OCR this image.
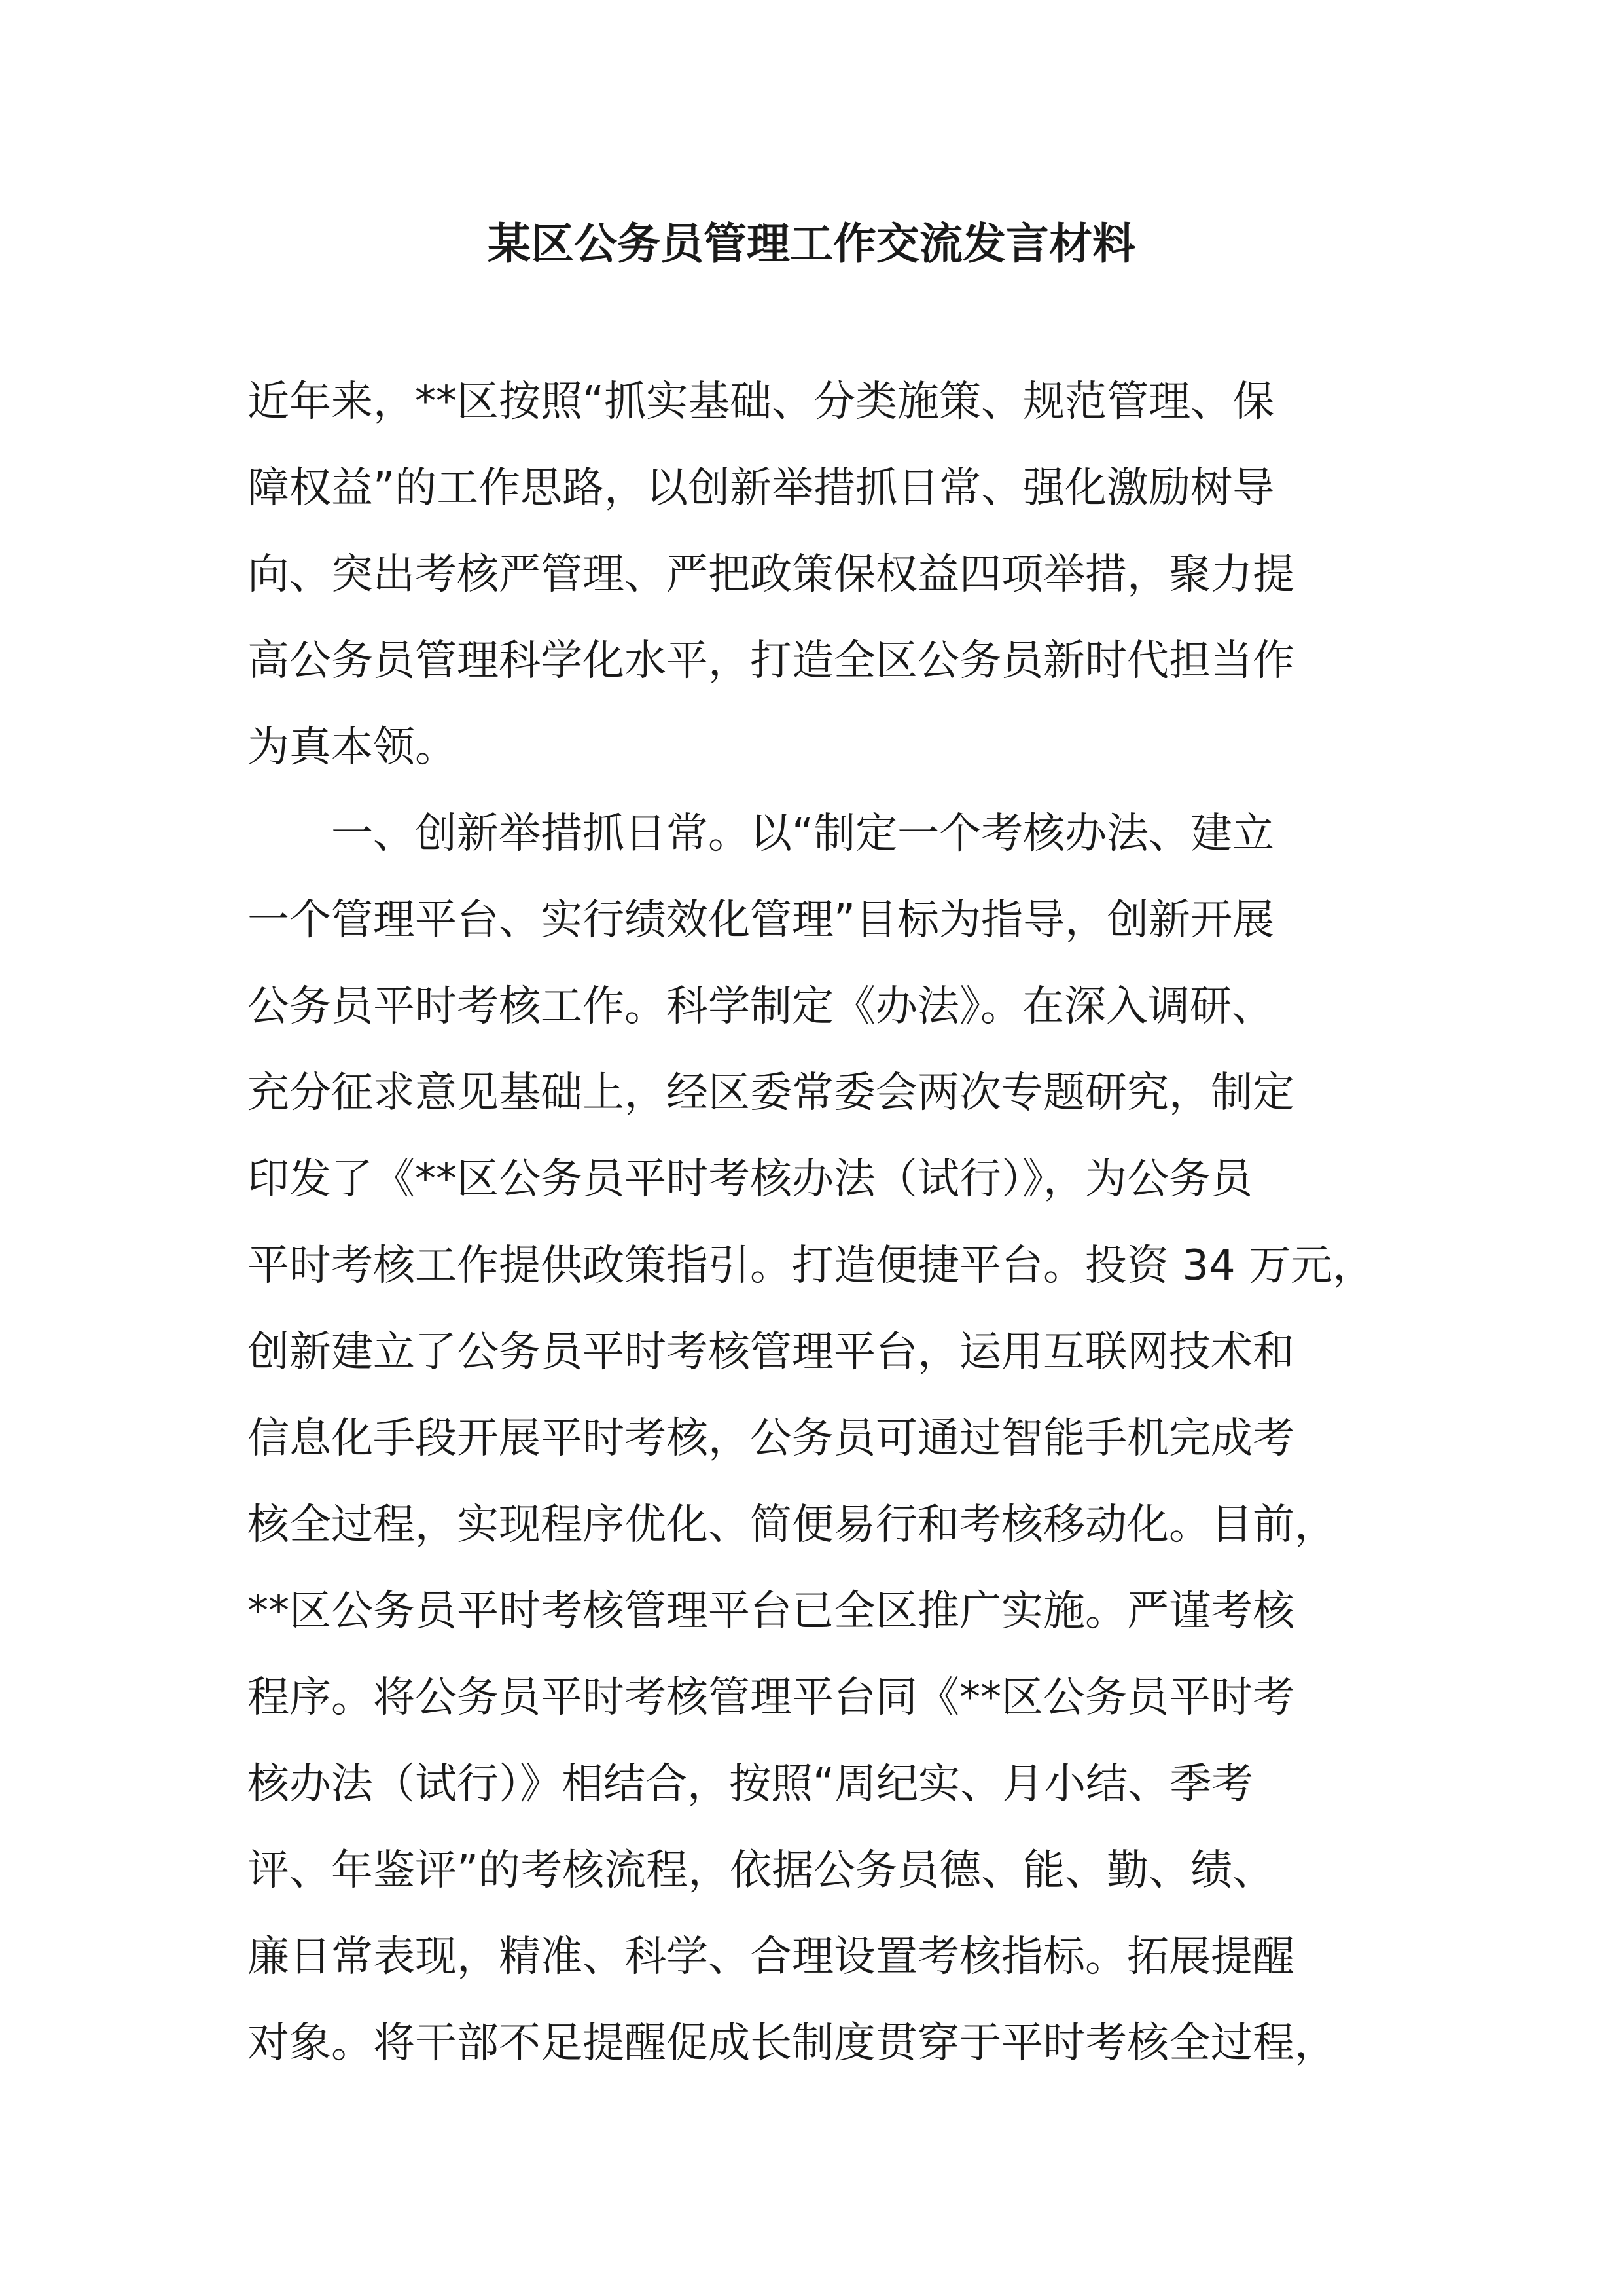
某区公务员管理工作交流发言材料
近年来，**区按照“抓实基础、分类施策、规范管理、保
障权益”的工作思路，以创新举措抓日常、强化激励树导
向、突出考核严管理、严把政策保权益四项举措，聚力提
高公务员管理科学化水平，打造全区公务员新时代担当作
为真本领。
一、创新举措抓日常。以“制定一个考核办法、建立
一个管理平台、实行绩效化管理”目标为指导，创新开展
公务员平时考核工作。科学制定《办法》。在深入调研、
充分征求意见基础上，经区委常委会两次专题研究，制定
印发了《**区公务员平时考核办法（试行）》，为公务员
平时考核工作提供政策指引。打造便捷平台。投资 34 万元，
创新建立了公务员平时考核管理平台，运用互联网技术和
信息化手段开展平时考核，公务员可通过智能手机完成考
核全过程，实现程序优化、简便易行和考核移动化。目前，
**区公务员平时考核管理平台已全区推广实施。严谨考核
程序。将公务员平时考核管理平台同《**区公务员平时考
核办法（试行）》相结合，按照“周纪实、月小结、季考
评、年鉴评”的考核流程，依据公务员德、能、勤、绩、
廉日常表现，精准、科学、合理设置考核指标。拓展提醒
对象。将干部不足提醒促成长制度贯穿于平时考核全过程，
